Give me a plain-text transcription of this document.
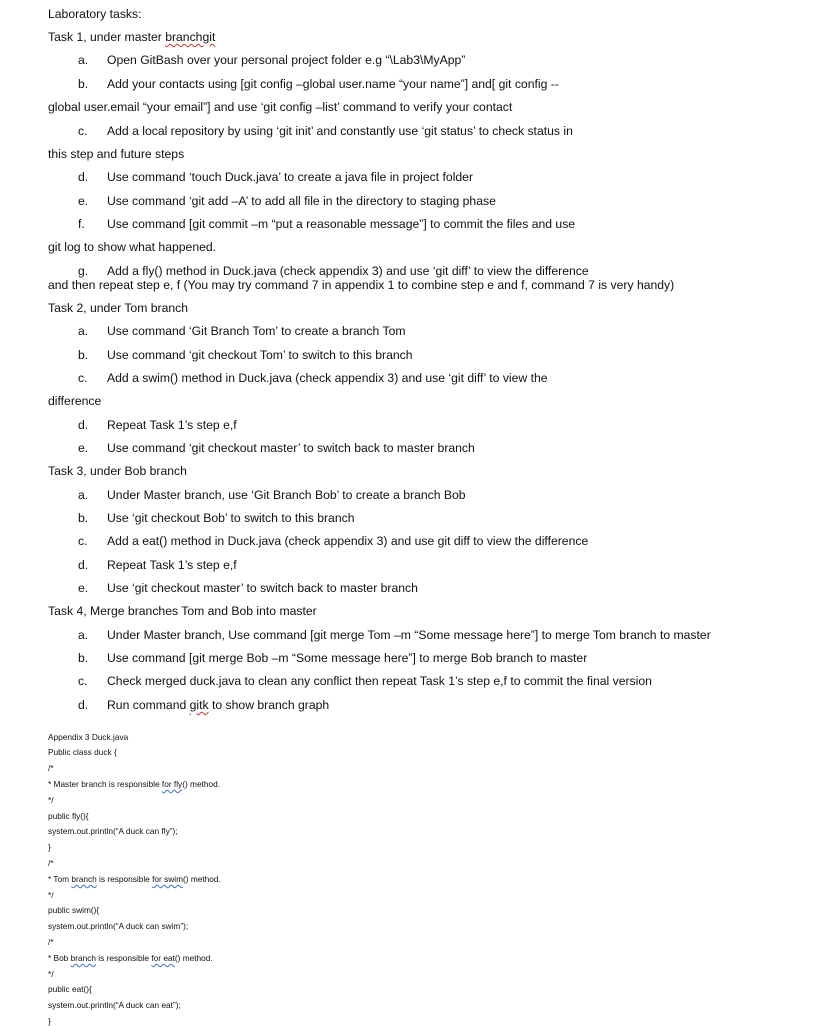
Laboratory tasks:
Task 1, under master branchgit
a. Open GitBash over your personal project folder e.g “\Lab3\MyApp”
b. Add your contacts using [git config –global user.name “your name”] and[ git config --
global user.email “your email”] and use ‘git config –list’ command to verify your contact
c. Add a local repository by using ‘git init’ and constantly use ‘git status’ to check status in
this step and future steps
d. Use command ‘touch Duck.java’ to create a java file in project folder
e. Use command ‘git add –A’ to add all file in the directory to staging phase
f. Use command [git commit –m “put a reasonable message”] to commit the files and use
git log to show what happened.
g. Add a fly() method in Duck.java (check appendix 3) and use ‘git diff’ to view the difference
and then repeat step e, f (You may try command 7 in appendix 1 to combine step e and f, command 7 is very handy)
Task 2, under Tom branch
a. Use command ‘Git Branch Tom’ to create a branch Tom
b. Use command ‘git checkout Tom’ to switch to this branch
c. Add a swim() method in Duck.java (check appendix 3) and use ‘git diff’ to view the
difference
d. Repeat Task 1’s step e,f
e. Use command ‘git checkout master’ to switch back to master branch
Task 3, under Bob branch
a. Under Master branch, use ‘Git Branch Bob’ to create a branch Bob
b. Use ‘git checkout Bob’ to switch to this branch
c. Add a eat() method in Duck.java (check appendix 3) and use git diff to view the difference
d. Repeat Task 1’s step e,f
e. Use ‘git checkout master’ to switch back to master branch
Task 4, Merge branches Tom and Bob into master
a. Under Master branch, Use command [git merge Tom –m “Some message here”] to merge Tom branch to master
b. Use command [git merge Bob –m “Some message here”] to merge Bob branch to master
c. Check merged duck.java to clean any conflict then repeat Task 1’s step e,f to commit the final version
d. Run command gitk to show branch graph
Appendix 3 Duck.java
Public class duck {
/*
* Master branch is responsible for fly() method.
*/
public fly(){
system.out.println(“A duck can fly”);
}
/*
* Tom branch is responsible for swim() method.
*/
public swim(){
system.out.println(“A duck can swim”);
/*
* Bob branch is responsible for eat() method.
*/
public eat(){
system.out.println(“A duck can eat”);
}
